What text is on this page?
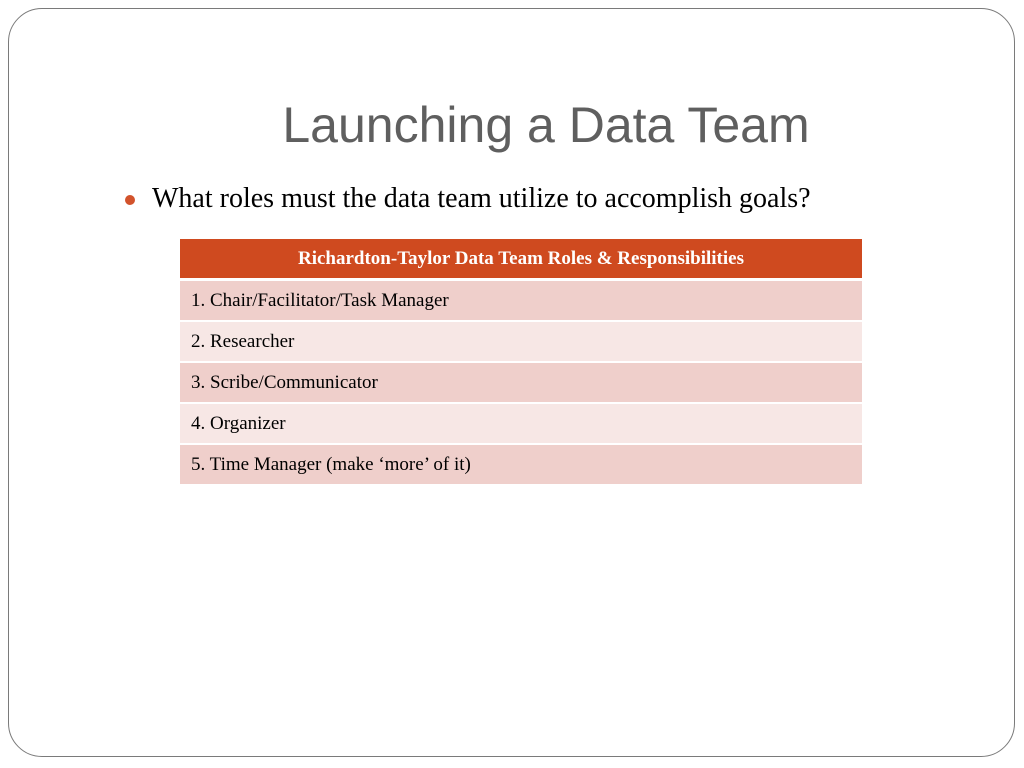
Launching a Data Team
What roles must the data team utilize to accomplish goals?
Richardton-Taylor Data Team Roles & Responsibilities
1. Chair/Facilitator/Task Manager
2. Researcher
3. Scribe/Communicator
4. Organizer
5. Time Manager (make ‘more’ of it)
